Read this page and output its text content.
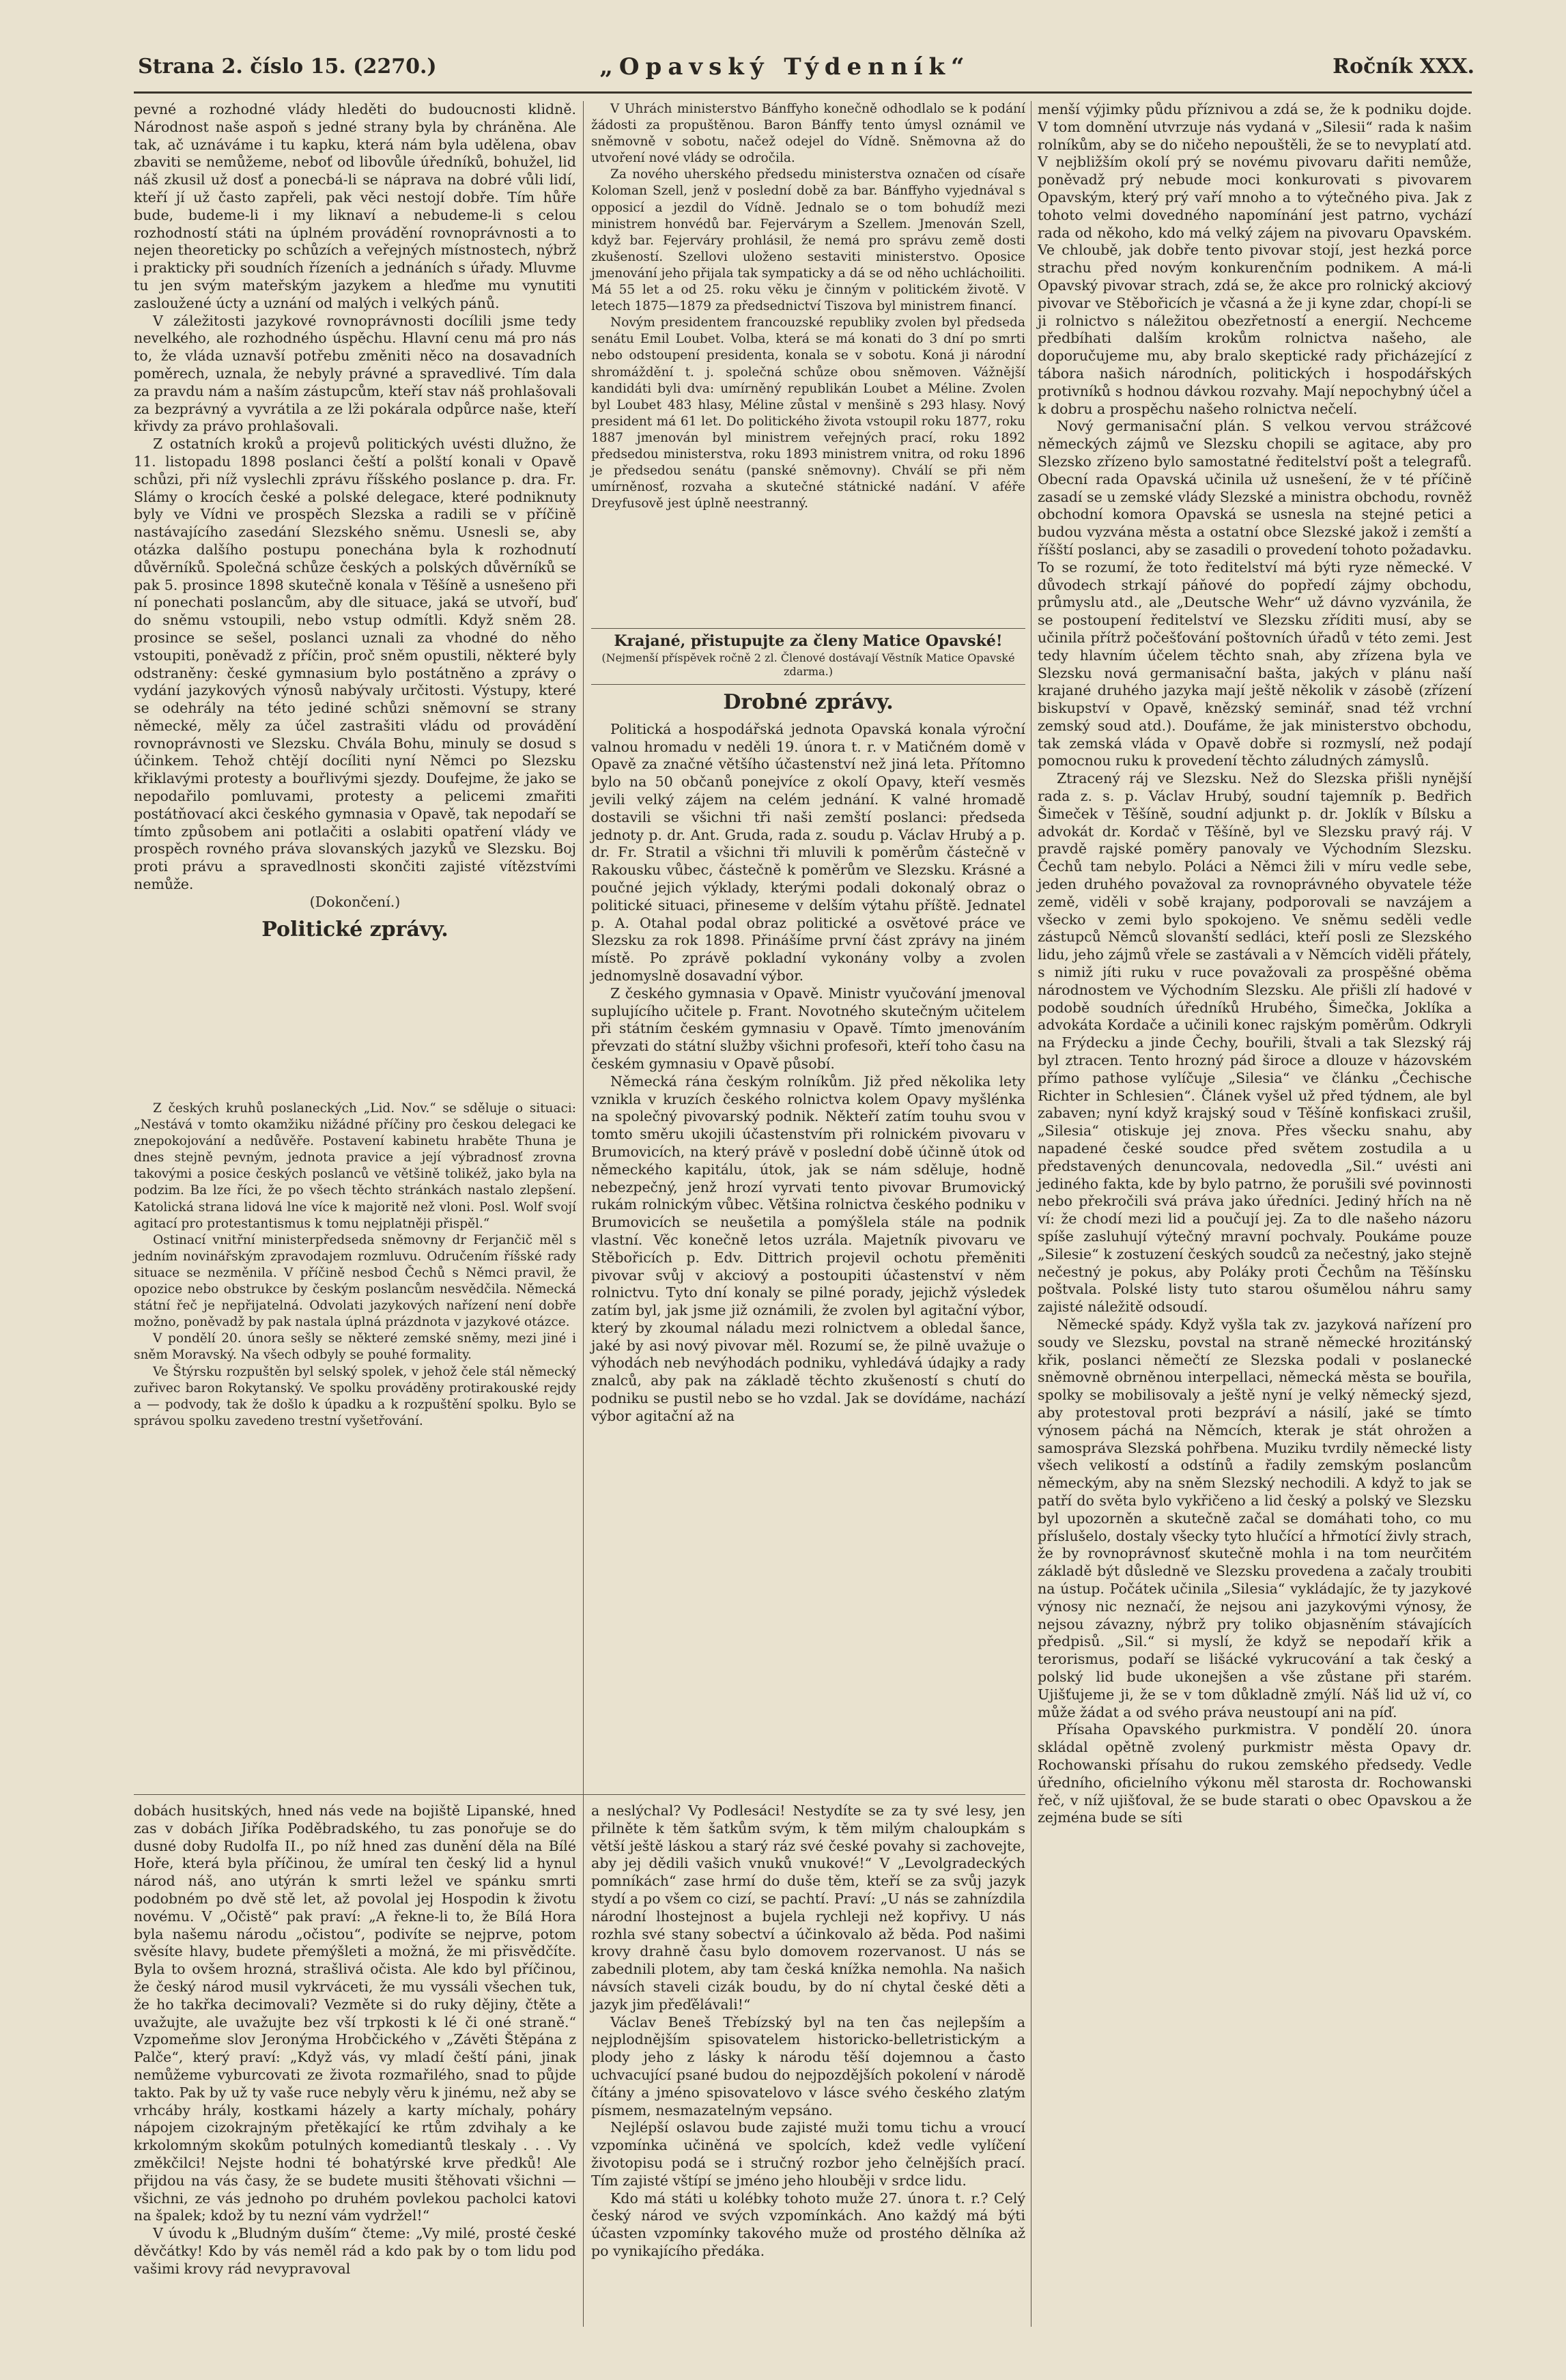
Strana 2. číslo 15. (2270.)	„Opavský Týdenník“	Ročník XXX.

pevné a rozhodné vlády hleděti do budoucnosti klidně. Národnost naše aspoň s jedné strany byla by chráněna. Ale tak, ač uznáváme i tu kapku, která nám byla udělena, obav zbaviti se nemůžeme, neboť od libovůle úředníků, bohužel, lid náš zkusil už dosť a ponecbá-li se náprava na dobré vůli lidí, kteří jí už často zapřeli, pak věci nestojí dobře. Tím hůře bude, budeme-li i my liknaví a nebudeme-li s celou rozhodností státi na úplném provádění rovnoprávnosti a to nejen theoreticky po schůzích a veřejných místnostech, nýbrž i prakticky při soudních řízeních a jednáních s úřady. Mluvme tu jen svým mateřským jazykem a hleďme mu vynutiti zasloužené úcty a uznání od malých i velkých pánů.

V záležitosti jazykové rovnoprávnosti docílili jsme tedy nevelkého, ale rozhodného úspěchu. Hlavní cenu má pro nás to, že vláda uznavší potřebu změniti něco na dosavadních poměrech, uznala, že nebyly právné a spravedlivé. Tím dala za pravdu nám a naším zástupcům, kteří stav náš prohlašovali za bezprávný a vyvrátila a ze lži pokárala odpůrce naše, kteří křivdy za právo prohlašovali.

Z ostatních kroků a projevů politických uvésti dlužno, že 11. listopadu 1898 poslanci čeští a polští konali v Opavě schůzi, při níž vyslechli zprávu říšského poslance p. dra. Fr. Slámy o krocích české a polské delegace, které podniknuty byly ve Vídni ve prospěch Slezska a radili se v příčině nastávajícího zasedání Slezského sněmu. Usnesli se, aby otázka dalšího postupu ponechána byla k rozhodnutí důvěrníků. Společná schůze českých a polských důvěrníků se pak 5. prosince 1898 skutečně konala v Těšíně a usnešeno při ní ponechati poslancům, aby dle situace, jaká se utvoří, buď do sněmu vstoupili, nebo vstup odmítli. Když sněm 28. prosince se sešel, poslanci uznali za vhodné do něho vstoupiti, poněvadž z příčin, proč sněm opustili, některé byly odstraněny: české gymnasium bylo postátněno a zprávy o vydání jazykových výnosů nabývaly určitosti. Výstupy, které se odehrály na této jediné schůzi sněmovní se strany německé, měly za účel zastrašiti vládu od provádění rovnoprávnosti ve Slezsku. Chvála Bohu, minuly se dosud s účinkem. Tehož chtějí docíliti nyní Němci po Slezsku křiklavými protesty a bouřlivými sjezdy. Doufejme, že jako se nepodařilo pomluvami, protesty a pelicemi zmařiti postátňovací akci českého gymnasia v Opavě, tak nepodaří se tímto způsobem ani potlačiti a oslabiti opatření vlády ve prospěch rovného práva slovanských jazyků ve Slezsku. Boj proti právu a spravedlnosti skončiti zajisté vítězstvími nemůže.

(Dokončení.)

Politické zprávy.

Z českých kruhů poslaneckých „Lid. Nov.“ se sděluje o situaci: „Nestává v tomto okamžiku nižádné příčiny pro českou delegaci ke znepokojování a nedůvěře. Postavení kabinetu hraběte Thuna je dnes stejně pevným, jednota pravice a její výbradnosť zrovna takovými a posice českých poslanců ve většině tolikéž, jako byla na podzim. Ba lze říci, že po všech těchto stránkách nastalo zlepšení. Katolická strana lidová lne více k majoritě než vloni. Posl. Wolf svojí agitací pro protestantismus k tomu nejplatněji přispěl.“

Ostinací vnitřní ministerpředseda sněmovny dr Ferjančič měl s jedním novinářským zpravodajem rozmluvu. Odručením říšské rady situace se nezměnila. V příčině nesbod Čechů s Němci pravil, že opozice nebo obstrukce by českým poslancům nesvědčila. Německá státní řeč je nepřijatelná. Odvolati jazykových nařízení není dobře možno, poněvadž by pak nastala úplná prázdnota v jazykové otázce.

V pondělí 20. února sešly se některé zemské sněmy, mezi jiné i sněm Moravský. Na všech odbyly se pouhé formality.

Ve Štýrsku rozpuštěn byl selský spolek, v jehož čele stál německý zuřivec baron Rokytanský. Ve spolku prováděny protirakouské rejdy a — podvody, tak že došlo k úpadku a k rozpuštění spolku. Bylo se správou spolku zavedeno trestní vyšetřování.

V Uhrách ministerstvo Bánffyho konečně odhodlalo se k podání žádosti za propuštěnou. Baron Bánffy tento úmysl oznámil ve sněmovně v sobotu, načež odejel do Vídně. Sněmovna až do utvoření nové vlády se odročila.

Za nového uherského předsedu ministerstva označen od císaře Koloman Szell, jenž v poslední době za bar. Bánffyho vyjednával s opposicí a jezdil do Vídně. Jednalo se o tom bohudíž mezi ministrem honvédů bar. Fejervárym a Szellem. Jmenován Szell, když bar. Fejerváry prohlásil, že nemá pro správu země dosti zkušeností. Szellovi uloženo sestaviti ministerstvo. Oposice jmenování jeho přijala tak sympaticky a dá se od něho uchláchoiliti. Má 55 let a od 25. roku věku je činným v politickém životě. V letech 1875—1879 za předsednictví Tiszova byl ministrem financí.

Novým presidentem francouzské republiky zvolen byl předseda senátu Emil Loubet. Volba, která se má konati do 3 dní po smrti nebo odstoupení presidenta, konala se v sobotu. Koná ji národní shromáždění t. j. společná schůze obou sněmoven. Vážnější kandidáti byli dva: umírněný republikán Loubet a Méline. Zvolen byl Loubet 483 hlasy, Méline zůstal v menšině s 293 hlasy. Nový president má 61 let. Do politického života vstoupil roku 1877, roku 1887 jmenován byl ministrem veřejných prací, roku 1892 předsedou ministerstva, roku 1893 ministrem vnitra, od roku 1896 je předsedou senátu (panské sněmovny). Chválí se při něm umírněnosť, rozvaha a skutečné státnické nadání. V aféře Dreyfusově jest úplně neestranný.

Krajané, přistupujte za členy Matice Opavské!

(Nejmenší příspěvek ročně 2 zl. Členové dostávají Věstník Matice Opavské zdarma.)

Drobné zprávy.

Politická a hospodářská jednota Opavská konala výroční valnou hromadu v neděli 19. února t. r. v Matičném domě v Opavě za značné většího účastenství než jiná leta. Přítomno bylo na 50 občanů ponejvíce z okolí Opavy, kteří vesměs jevili velký zájem na celém jednání. K valné hromadě dostavili se všichni tři naši zemští poslanci: předseda jednoty p. dr. Ant. Gruda, rada z. soudu p. Václav Hrubý a p. dr. Fr. Stratil a všichni tři mluvili k poměrům částečně v Rakousku vůbec, částečně k poměrům ve Slezsku. Krásné a poučné jejich výklady, kterými podali dokonalý obraz o politické situaci, přineseme v delším výtahu příště. Jednatel p. A. Otahal podal obraz politické a osvětové práce ve Slezsku za rok 1898. Přinášíme první část zprávy na jiném místě. Po zprávě pokladní vykonány volby a zvolen jednomyslně dosavadní výbor.

Z českého gymnasia v Opavě. Ministr vyučování jmenoval suplujícího učitele p. Frant. Novotného skutečným učitelem při státním českém gymnasiu v Opavě. Tímto jmenováním převzati do státní služby všichni profesoři, kteří toho času na českém gymnasiu v Opavě působí.

Německá rána českým rolníkům. Již před několika lety vznikla v kruzích českého rolnictva kolem Opavy myšlénka na společný pivovarský podnik. Někteří zatím touhu svou v tomto směru ukojili účastenstvím při rolnickém pivovaru v Brumovicích, na který právě v poslední době účinně útok od německého kapitálu, útok, jak se nám sděluje, hodně nebezpečný, jenž hrozí vyrvati tento pivovar Brumovický rukám rolnickým vůbec. Většina rolnictva českého podniku v Brumovicích se neušetila a pomýšlela stále na podnik vlastní. Věc konečně letos uzrála. Majetník pivovaru ve Stěbořicích p. Edv. Dittrich projevil ochotu přeměniti pivovar svůj v akciový a postoupiti účastenství v něm rolnictvu. Tyto dní konaly se pilné porady, jejichž výsledek zatím byl, jak jsme již oznámili, že zvolen byl agitační výbor, který by zkoumal náladu mezi rolnictvem a obledal šance, jaké by asi nový pivovar měl. Rozumí se, že pilně uvažuje o výhodách neb nevýhodách podniku, vyhledává údajky a rady znalců, aby pak na základě těchto zkušeností s chutí do podniku se pustil nebo se ho vzdal. Jak se dovídáme, nachází výbor agitační až na

menší výjimky půdu příznivou a zdá se, že k podniku dojde. V tom domnění utvrzuje nás vydaná v „Silesii“ rada k našim rolníkům, aby se do ničeho nepouštěli, že se to nevyplatí atd. V nejbližším okolí prý se novému pivovaru dařiti nemůže, poněvadž prý nebude moci konkurovati s pivovarem Opavským, který prý vaří mnoho a to výtečného piva. Jak z tohoto velmi dovedného napomínání jest patrno, vychází rada od někoho, kdo má velký zájem na pivovaru Opavském. Ve chloubě, jak dobře tento pivovar stojí, jest hezká porce strachu před novým konkurenčním podnikem. A má-li Opavský pivovar strach, zdá se, že akce pro rolnický akciový pivovar ve Stěbořicích je včasná a že ji kyne zdar, chopí-li se ji rolnictvo s náležitou obezřetností a energií. Nechceme předbíhati dalším krokům rolnictva našeho, ale doporučujeme mu, aby bralo skeptické rady přicházející z tábora našich národních, politických i hospodářských protivníků s hodnou dávkou rozvahy. Mají nepochybný účel a k dobru a prospěchu našeho rolnictva nečelí.

Nový germanisační plán. S velkou vervou strážcové německých zájmů ve Slezsku chopili se agitace, aby pro Slezsko zřízeno bylo samostatné ředitelství pošt a telegrafů. Obecní rada Opavská učinila už usnešení, že v té příčině zasadí se u zemské vlády Slezské a ministra obchodu, rovněž obchodní komora Opavská se usnesla na stejné petici a budou vyzvána města a ostatní obce Slezské jakož i zemští a říšští poslanci, aby se zasadili o provedení tohoto požadavku. To se rozumí, že toto ředitelství má býti ryze německé. V důvodech strkají páňové do popředí zájmy obchodu, průmyslu atd., ale „Deutsche Wehr“ už dávno vyzvánila, že se postoupení ředitelství ve Slezsku zříditi musí, aby se učinila přítrž počešťování poštovních úřadů v této zemi. Jest tedy hlavním účelem těchto snah, aby zřízena byla ve Slezsku nová germanisační bašta, jakých v plánu naší krajané druhého jazyka mají ještě několik v zásobě (zřízení biskupství v Opavě, knězský seminář, snad též vrchní zemský soud atd.). Doufáme, že jak ministerstvo obchodu, tak zemská vláda v Opavě dobře si rozmyslí, než podají pomocnou ruku k provedení těchto záludných zámyslů.

Ztracený ráj ve Slezsku. Než do Slezska přišli nynější rada z. s. p. Václav Hrubý, soudní tajemník p. Bedřich Šimeček v Těšíně, soudní adjunkt p. dr. Joklík v Bílsku a advokát dr. Kordač v Těšíně, byl ve Slezsku pravý ráj. V pravdě rajské poměry panovaly ve Východním Slezsku. Čechů tam nebylo. Poláci a Němci žili v míru vedle sebe, jeden druhého považoval za rovnoprávného obyvatele téže země, viděli v sobě krajany, podporovali se navzájem a všecko v zemi bylo spokojeno. Ve sněmu seděli vedle zástupců Němců slovanští sedláci, kteří posli ze Slezského lidu, jeho zájmů vřele se zastávali a v Němcích viděli přátely, s nimiž jíti ruku v ruce považovali za prospěšné oběma národnostem ve Východním Slezsku. Ale přišli zlí hadové v podobě soudních úředníků Hrubého, Šimečka, Joklíka a advokáta Kordače a učinili konec rajským poměrům. Odkryli na Frýdecku a jinde Čechy, bouřili, štvali a tak Slezský ráj byl ztracen. Tento hrozný pád široce a dlouze v házovském přímo pathose vylíčuje „Silesia“ ve článku „Čechische Richter in Schlesien“. Článek vyšel už před týdnem, ale byl zabaven; nyní když krajský soud v Těšíně konfiskaci zrušil, „Silesia“ otiskuje jej znova. Přes všecku snahu, aby napadené české soudce před světem zostudila a u představených denuncovala, nedovedla „Sil.“ uvésti ani jediného fakta, kde by bylo patrno, že porušili své povinnosti nebo překročili svá práva jako úředníci. Jediný hřích na ně ví: že chodí mezi lid a poučují jej. Za to dle našeho názoru spíše zasluhují výtečný mravní pochvaly. Poukáme pouze „Silesie“ k zostuzení českých soudců za nečestný, jako stejně nečestný je pokus, aby Poláky proti Čechům na Těšínsku poštvala. Polské listy tuto starou ošumělou náhru samy zajisté náležitě odsoudí.

Německé spády. Když vyšla tak zv. jazyková nařízení pro soudy ve Slezsku, povstal na straně německé hrozitánský křik, poslanci němečtí ze Slezska podali v poslanecké sněmovně obrněnou interpellaci, německá města se bouřila, spolky se mobilisovaly a ještě nyní je velký německý sjezd, aby protestoval proti bezpráví a násilí, jaké se tímto výnosem páchá na Němcích, kterak je stát ohrožen a samospráva Slezská pohřbena. Muziku tvrdily německé listy všech velikostí a odstínů a řadily zemským poslancům německým, aby na sněm Slezský nechodili. A když to jak se patří do světa bylo vykřičeno a lid český a polský ve Slezsku byl upozorněn a skutečně začal se domáhati toho, co mu příslušelo, dostaly všecky tyto hlučící a hřmotící živly strach, že by rovnoprávnosť skutečně mohla i na tom neurčitém základě být důsledně ve Slezsku provedena a začaly troubiti na ústup. Počátek učinila „Silesia“ vykládajíc, že ty jazykové výnosy nic neznačí, že nejsou ani jazykovými výnosy, že nejsou závazny, nýbrž pry toliko objasněním stávajících předpisů. „Sil.“ si myslí, že když se nepodaří křik a terorismus, podaří se lišácké vykrucování a tak český a polský lid bude ukonejšen a vše zůstane při starém. Ujišťujeme ji, že se v tom důkladně zmýlí. Náš lid už ví, co může žádat a od svého práva neustoupí ani na píď.

Přísaha Opavského purkmistra. V pondělí 20. února skládal opětně zvolený purkmistr města Opavy dr. Rochowanski přísahu do rukou zemského předsedy. Vedle úředního, oficielního výkonu měl starosta dr. Rochowanski řeč, v níž ujišťoval, že se bude starati o obec Opavskou a že zejména bude se síti

dobách husitských, hned nás vede na bojiště Lipanské, hned zas v dobách Jiříka Poděbradského, tu zas ponořuje se do dusné doby Rudolfa II., po níž hned zas dunění děla na Bílé Hoře, která byla příčinou, že umíral ten český lid a hynul národ náš, ano utýrán k smrti ležel ve spánku smrti podobném po dvě stě let, až povolal jej Hospodin k životu novému. V „Očistě“ pak praví: „A řekne-li to, že Bílá Hora byla našemu národu „očistou“, podivíte se nejprve, potom svěsíte hlavy, budete přemýšleti a možná, že mi přisvědčíte. Byla to ovšem hrozná, strašlivá očista. Ale kdo byl příčinou, že český národ musil vykrváceti, že mu vyssáli všechen tuk, že ho takřka decimovali? Vezměte si do ruky dějiny, čtěte a uvažujte, ale uvažujte bez vší trpkosti k lé či oné straně.“ Vzpomeňme slov Jeronýma Hrobčického v „Závěti Štěpána z Palče“, který praví: „Když vás, vy mladí čeští páni, jinak nemůžeme vyburcovati ze života rozmařilého, snad to půjde takto. Pak by už ty vaše ruce nebyly věru k jinému, než aby se vrhcáby hrály, kostkami házely a karty míchaly, poháry nápojem cizokrajným přetěkající ke rtům zdvihaly a ke krkolomným skokům potulných komediantů tleskaly . . . Vy změkčilci! Nejste hodni té bohatýrské krve předků! Ale přijdou na vás časy, že se budete musiti štěhovati všichni — všichni, ze vás jednoho po druhém povlekou pacholci katovi na špalek; kdož by tu nezní vám vydržel!“

V úvodu k „Bludným duším“ čteme: „Vy milé, prosté české děvčátky! Kdo by vás neměl rád a kdo pak by o tom lidu pod vašimi krovy rád nevypravoval

a neslýchal? Vy Podlesáci! Nestydíte se za ty své lesy, jen přilněte k těm šatkům svým, k těm milým chaloupkám s větší ještě láskou a starý ráz své české povahy si zachovejte, aby jej dědili vašich vnuků vnukové!“ V „Levolgradeckých pomníkách“ zase hrmí do duše těm, kteří se za svůj jazyk stydí a po všem co cizí, se pachtí. Praví: „U nás se zahnízdila národní lhostejnost a bujela rychleji než kopřivy. U nás rozhla své stany sobectví a účinkovalo až běda. Pod našimi krovy drahně času bylo domovem rozervanost. U nás se zabednili plotem, aby tam česká knížka nemohla. Na našich návsích staveli cizák boudu, by do ní chytal české děti a jazyk jim přeďělávali!“

Václav Beneš Třebízský byl na ten čas nejlepším a nejplodnějším spisovatelem historicko-belletristickým a plody jeho z lásky k národu těší dojemnou a často uchvacující psané budou do nejpozdějších pokolení v národě čítány a jméno spisovatelovo v lásce svého českého zlatým písmem, nesmazatelným vepsáno.

Nejlépší oslavou bude zajisté muži tomu tichu a vroucí vzpomínka učiněná ve spolcích, kdež vedle vylíčení životopisu podá se i stručný rozbor jeho čelnějších prací. Tím zajisté vštípí se jméno jeho hlouběji v srdce lidu.

Kdo má státi u kolébky tohoto muže 27. února t. r.? Celý český národ ve svých vzpomínkách. Ano každý má býti účasten vzpomínky takového muže od prostého dělníka až po vynikajícího předáka.
